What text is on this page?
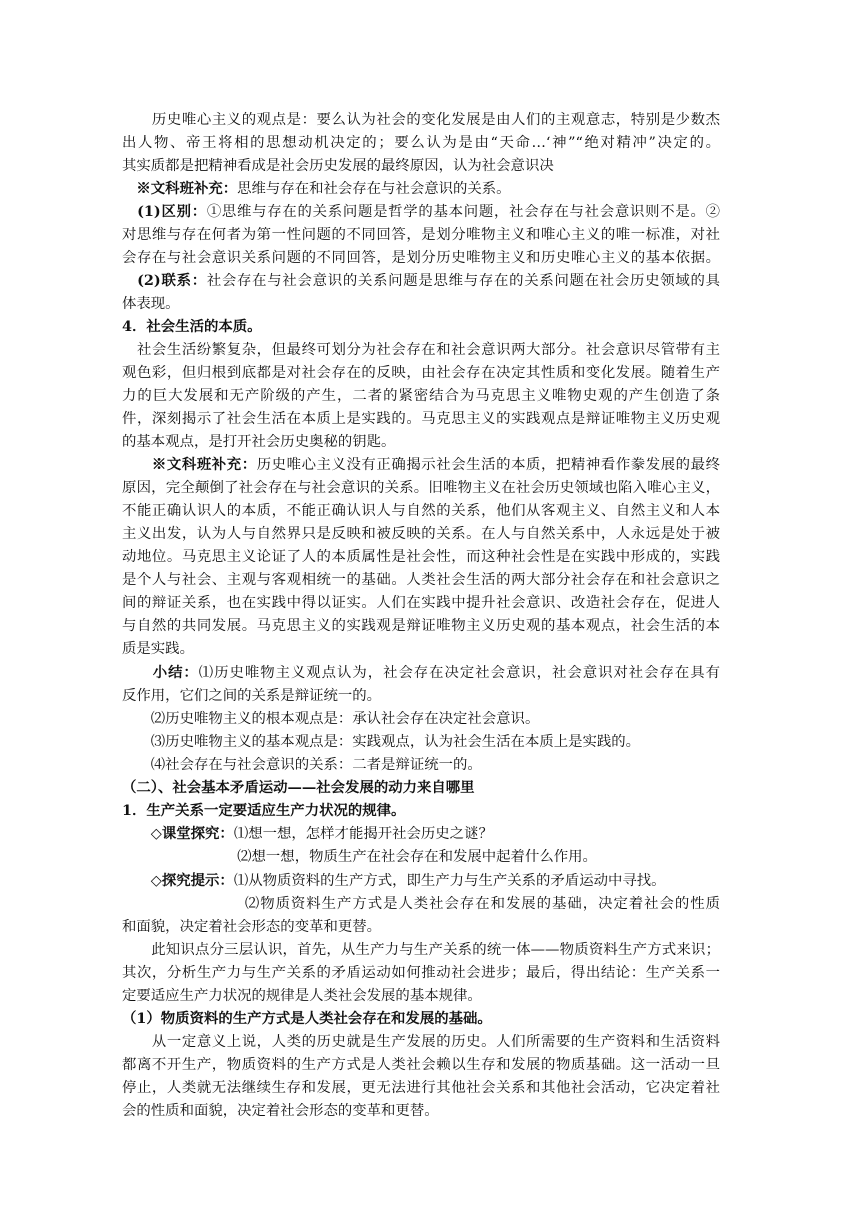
　　历史唯心主义的观点是：要么认为社会的变化发展是由人们的主观意志，特别是少数杰
出人物、帝王将相的思想动机决定的；要么认为是由“天命…‘神”“绝对精冲”决定的。
其实质都是把精神看成是社会历史发展的最终原因，认为社会意识决
　※文科班补充：思维与存在和社会存在与社会意识的关系。
　(1)区别：①思维与存在的关系问题是哲学的基本问题，社会存在与社会意识则不是。②
对思维与存在何者为第一性问题的不同回答，是划分唯物主义和唯心主义的唯一标准，对社
会存在与社会意识关系问题的不同回答，是划分历史唯物主义和历史唯心主义的基本依据。
　(2)联系：社会存在与社会意识的关系问题是思维与存在的关系问题在社会历史领域的具
体表现。
4．社会生活的本质。
　社会生活纷繁复杂，但最终可划分为社会存在和社会意识两大部分。社会意识尽管带有主
观色彩，但归根到底都是对社会存在的反映，由社会存在决定其性质和变化发展。随着生产
力的巨大发展和无产阶级的产生，二者的紧密结合为马克思主义唯物史观的产生创造了条
件，深刻揭示了社会生活在本质上是实践的。马克思主义的实践观点是辩证唯物主义历史观
的基本观点，是打开社会历史奥秘的钥匙。
　　※文科班补充：历史唯心主义没有正确揭示社会生活的本质，把精神看作豢发展的最终
原因，完全颠倒了社会存在与社会意识的关系。旧唯物主义在社会历史领域也陷入唯心主义，
不能正确认识人的本质，不能正确认识人与自然的关系，他们从客观主义、自然主义和人本
主义出发，认为人与自然界只是反映和被反映的关系。在人与自然关系中，人永远是处于被
动地位。马克思主义论证了人的本质属性是社会性，而这种社会性是在实践中形成的，实践
是个人与社会、主观与客观相统一的基础。人类社会生活的两大部分社会存在和社会意识之
间的辩证关系，也在实践中得以证实。人们在实践中提升社会意识、改造社会存在，促进人
与自然的共同发展。马克思主义的实践观是辩证唯物主义历史观的基本观点，社会生活的本
质是实践。
　　小结：⑴历史唯物主义观点认为，社会存在决定社会意识，社会意识对社会存在具有
反作用，它们之间的关系是辩证统一的。
　　⑵历史唯物主义的根本观点是：承认社会存在决定社会意识。
　　⑶历史唯物主义的基本观点是：实践观点，认为社会生活在本质上是实践的。
　　⑷社会存在与社会意识的关系：二者是辩证统一的。
（二）、社会基本矛盾运动——社会发展的动力来自哪里
1．生产关系一定要适应生产力状况的规律。
　　◇课堂探究：⑴想一想，怎样才能揭开社会历史之谜？
　　　　　　　　⑵想一想，物质生产在社会存在和发展中起着什么作用。
　　◇探究提示：⑴从物质资料的生产方式，即生产力与生产关系的矛盾运动中寻找。
　　　　　　　　⑵物质资料生产方式是人类社会存在和发展的基础，决定着社会的性质
和面貌，决定着社会形态的变革和更替。
　　此知识点分三层认识，首先，从生产力与生产关系的统一体——物质资料生产方式来识；
其次，分析生产力与生产关系的矛盾运动如何推动社会进步；最后，得出结论：生产关系一
定要适应生产力状况的规律是人类社会发展的基本规律。
（1）物质资料的生产方式是人类社会存在和发展的基础。
　　从一定意义上说，人类的历史就是生产发展的历史。人们所需要的生产资料和生活资料
都离不开生产，物质资料的生产方式是人类社会赖以生存和发展的物质基础。这一活动一旦
停止，人类就无法继续生存和发展，更无法进行其他社会关系和其他社会活动，它决定着社
会的性质和面貌，决定着社会形态的变革和更替。
